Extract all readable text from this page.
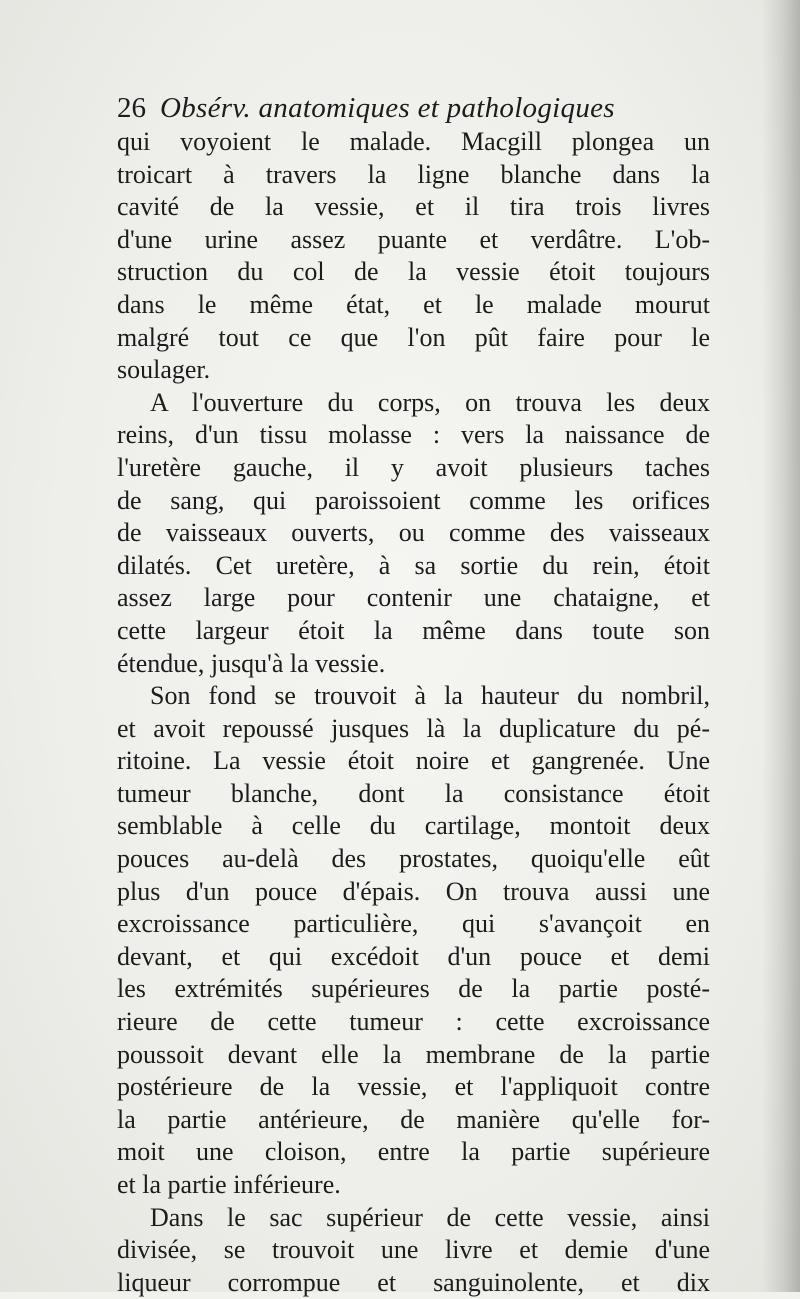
26 Obsérv. anatomiques et pathologiques
qui voyoient le malade. Macgill plongea un
troicart à travers la ligne blanche dans la
cavité de la vessie, et il tira trois livres
d'une urine assez puante et verdâtre. L'ob-
struction du col de la vessie étoit toujours
dans le même état, et le malade mourut
malgré tout ce que l'on pût faire pour le
soulager.
A l'ouverture du corps, on trouva les deux
reins, d'un tissu molasse : vers la naissance de
l'uretère gauche, il y avoit plusieurs taches
de sang, qui paroissoient comme les orifices
de vaisseaux ouverts, ou comme des vaisseaux
dilatés. Cet uretère, à sa sortie du rein, étoit
assez large pour contenir une chataigne, et
cette largeur étoit la même dans toute son
étendue, jusqu'à la vessie.
Son fond se trouvoit à la hauteur du nombril,
et avoit repoussé jusques là la duplicature du pé-
ritoine. La vessie étoit noire et gangrenée. Une
tumeur blanche, dont la consistance étoit
semblable à celle du cartilage, montoit deux
pouces au-delà des prostates, quoiqu'elle eût
plus d'un pouce d'épais. On trouva aussi une
excroissance particulière, qui s'avançoit en
devant, et qui excédoit d'un pouce et demi
les extrémités supérieures de la partie posté-
rieure de cette tumeur : cette excroissance
poussoit devant elle la membrane de la partie
postérieure de la vessie, et l'appliquoit contre
la partie antérieure, de manière qu'elle for-
moit une cloison, entre la partie supérieure
et la partie inférieure.
Dans le sac supérieur de cette vessie, ainsi
divisée, se trouvoit une livre et demie d'une
liqueur corrompue et sanguinolente, et dix
